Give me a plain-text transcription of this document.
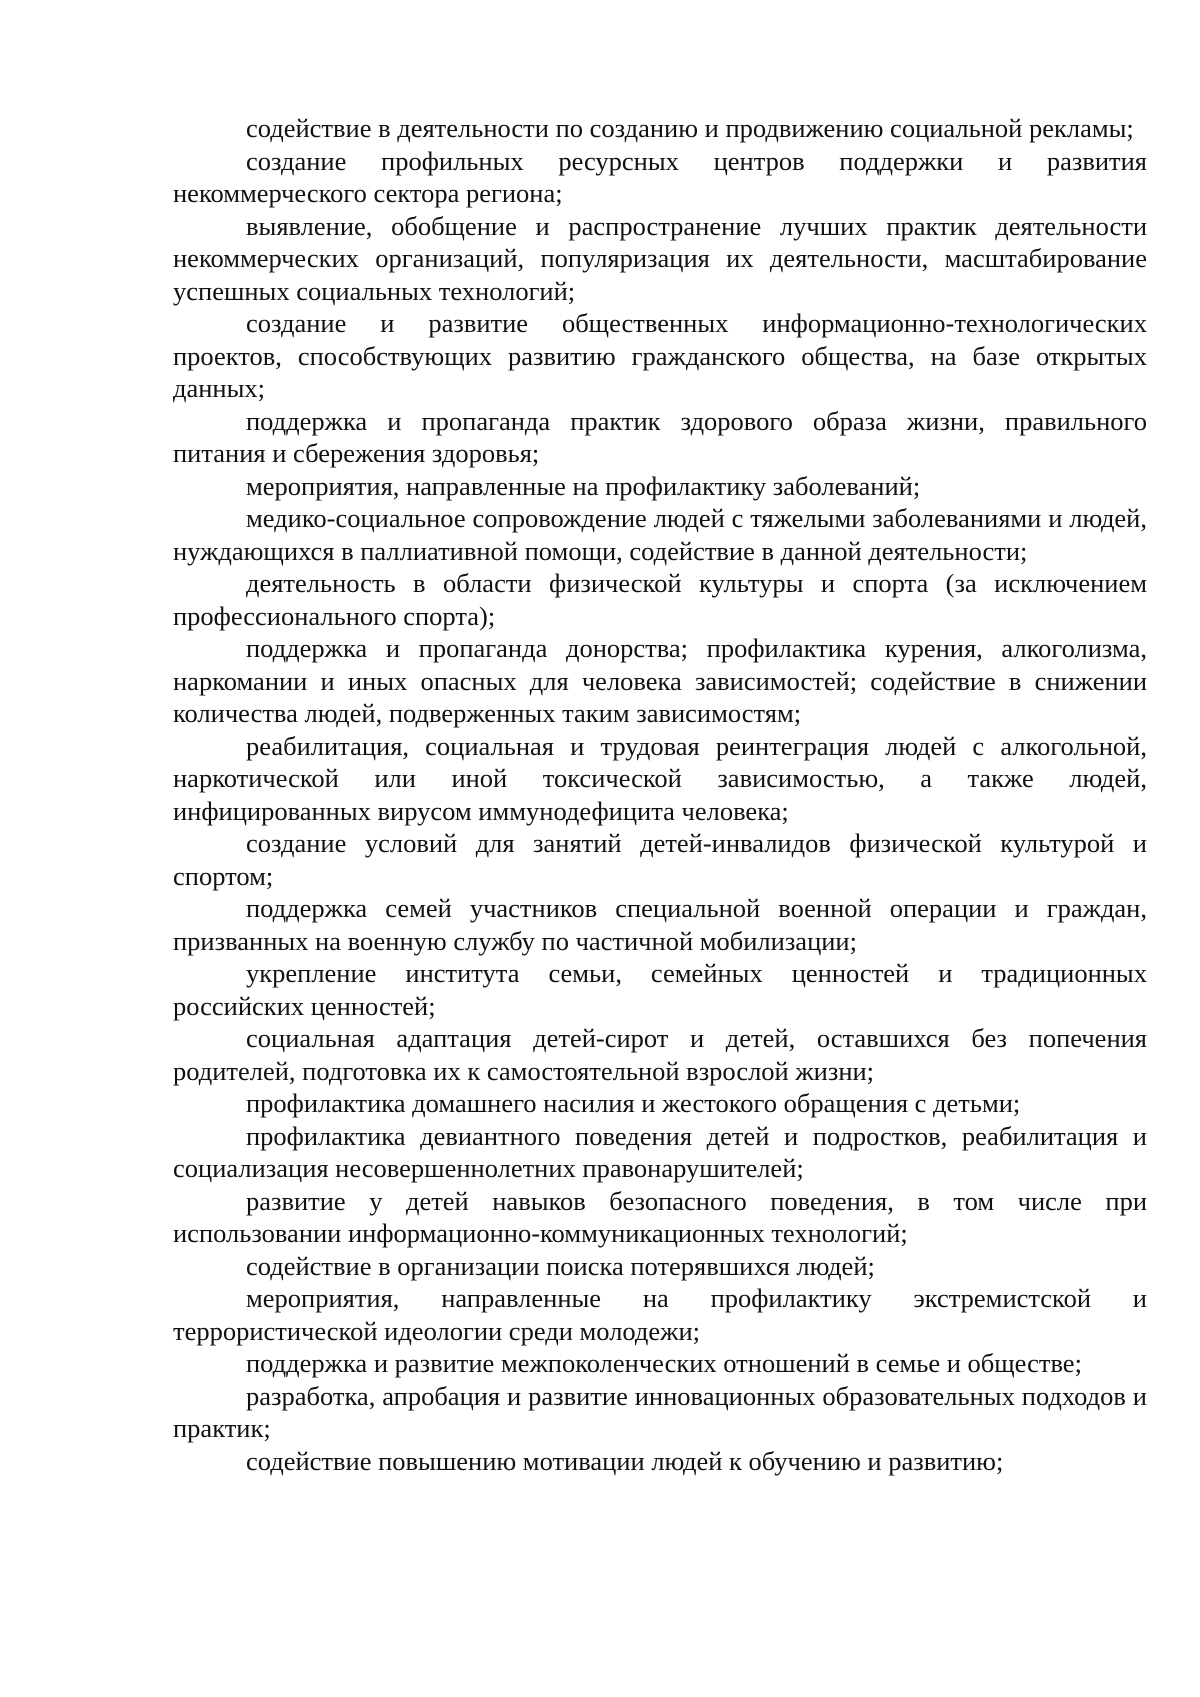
содействие в деятельности по созданию и продвижению социальной рекламы;

создание профильных ресурсных центров поддержки и развития некоммерческого сектора региона;

выявление, обобщение и распространение лучших практик деятельности некоммерческих организаций, популяризация их деятельности, масштабирование успешных социальных технологий;

создание и развитие общественных информационно-технологических проектов, способствующих развитию гражданского общества, на базе открытых данных;

поддержка и пропаганда практик здорового образа жизни, правильного питания и сбережения здоровья;

мероприятия, направленные на профилактику заболеваний;

медико-социальное сопровождение людей с тяжелыми заболеваниями и людей, нуждающихся в паллиативной помощи, содействие в данной деятельности;

деятельность в области физической культуры и спорта (за исключением профессионального спорта);

поддержка и пропаганда донорства; профилактика курения, алкоголизма, наркомании и иных опасных для человека зависимостей; содействие в снижении количества людей, подверженных таким зависимостям;

реабилитация, социальная и трудовая реинтеграция людей с алкогольной, наркотической или иной токсической зависимостью, а также людей, инфицированных вирусом иммунодефицита человека;

создание условий для занятий детей-инвалидов физической культурой и спортом;

поддержка семей участников специальной военной операции и граждан, призванных на военную службу по частичной мобилизации;

укрепление института семьи, семейных ценностей и традиционных российских ценностей;

социальная адаптация детей-сирот и детей, оставшихся без попечения родителей, подготовка их к самостоятельной взрослой жизни;

профилактика домашнего насилия и жестокого обращения с детьми;

профилактика девиантного поведения детей и подростков, реабилитация и социализация несовершеннолетних правонарушителей;

развитие у детей навыков безопасного поведения, в том числе при использовании информационно-коммуникационных технологий;

содействие в организации поиска потерявшихся людей;

мероприятия, направленные на профилактику экстремистской и террористической идеологии среди молодежи;

поддержка и развитие межпоколенческих отношений в семье и обществе;

разработка, апробация и развитие инновационных образовательных подходов и практик;

содействие повышению мотивации людей к обучению и развитию;
